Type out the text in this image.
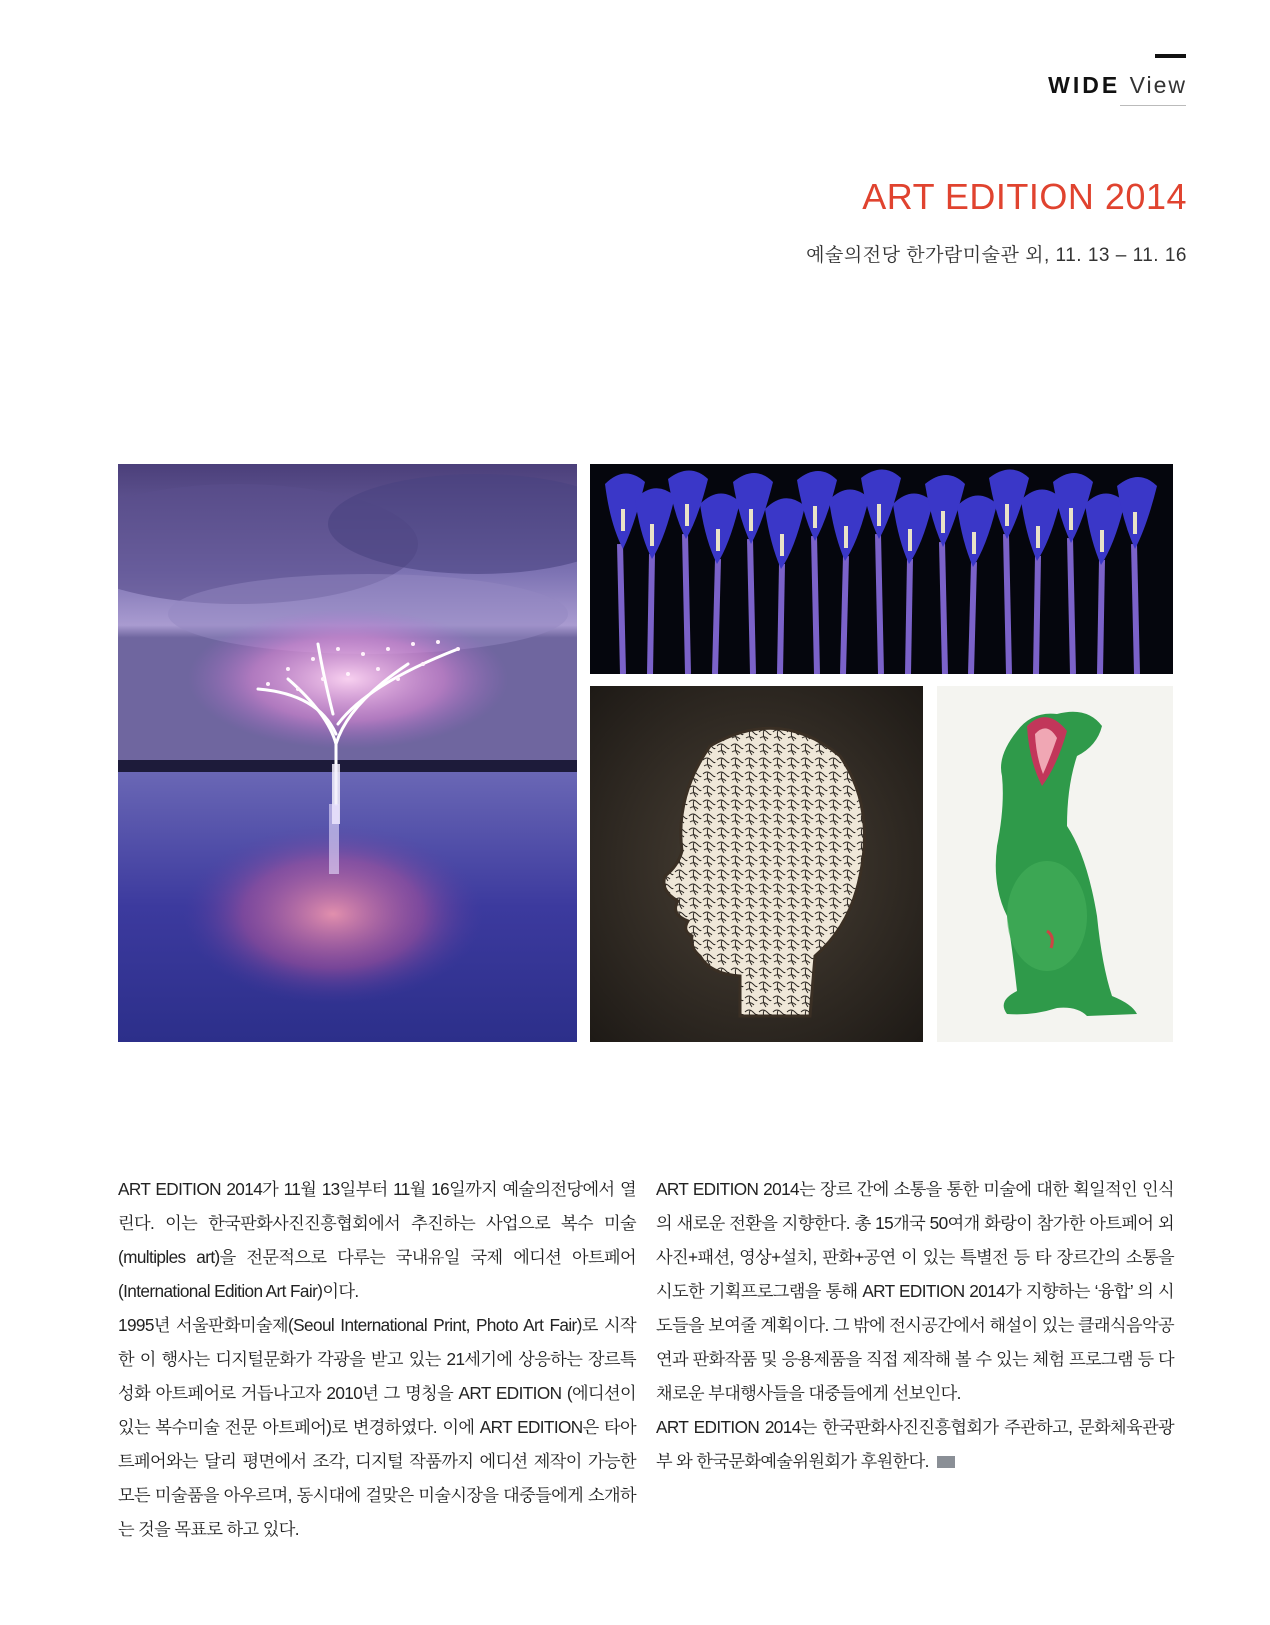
WIDE View
ART EDITION 2014
예술의전당 한가람미술관 외, 11. 13 – 11. 16

ART EDITION 2014가 11월 13일부터 11월 16일까지 예술의전당에서 열린다. 이는 한국판화사진진흥협회에서 추진하는 사업으로 복수 미술 (multiples art)을 전문적으로 다루는 국내유일 국제 에디션 아트페어 (International Edition Art Fair)이다.

1995년 서울판화미술제(Seoul International Print, Photo Art Fair)로 시작한 이 행사는 디지털문화가 각광을 받고 있는 21세기에 상응하는 장르특성화 아트페어로 거듭나고자 2010년 그 명칭을 ART EDITION (에디션이 있는 복수미술 전문 아트페어)로 변경하였다. 이에 ART EDITION은 타아트페어와는 달리 평면에서 조각, 디지털 작품까지 에디션 제작이 가능한 모든 미술품을 아우르며, 동시대에 걸맞은 미술시장을 대중들에게 소개하는 것을 목표로 하고 있다.

ART EDITION 2014는 장르 간에 소통을 통한 미술에 대한 획일적인 인식의 새로운 전환을 지향한다. 총 15개국 50여개 화랑이 참가한 아트페어 외 사진+패션, 영상+설치, 판화+공연 이 있는 특별전 등 타 장르간의 소통을 시도한 기획프로그램을 통해 ART EDITION 2014가 지향하는 ‘융합’ 의 시도들을 보여줄 계획이다. 그 밖에 전시공간에서 해설이 있는 클래식음악공연과 판화작품 및 응용제품을 직접 제작해 볼 수 있는 체험 프로그램 등 다채로운 부대행사들을 대중들에게 선보인다.

ART EDITION 2014는 한국판화사진진흥협회가 주관하고, 문화체육관광부 와 한국문화예술위원회가 후원한다.
